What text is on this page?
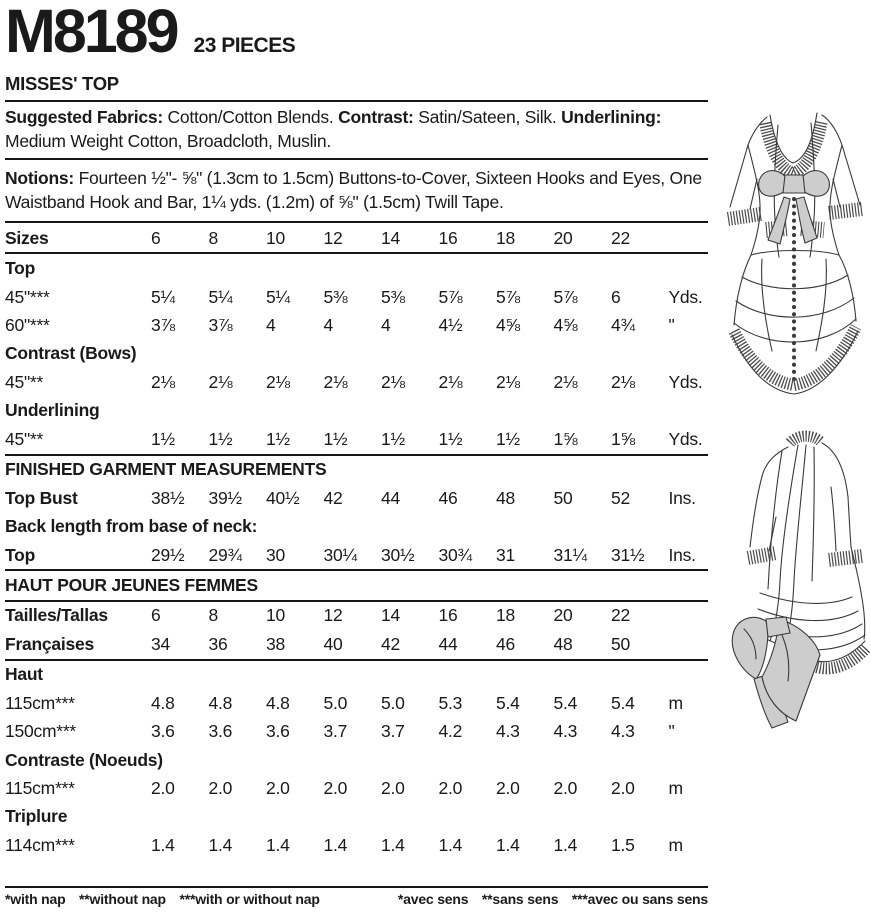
M8189 23 PIECES
MISSES' TOP

Suggested Fabrics: Cotton/Cotton Blends. Contrast: Satin/Sateen, Silk. Underlining: Medium Weight Cotton, Broadcloth, Muslin.

Notions: Fourteen ½"- ⅝" (1.3cm to 1.5cm) Buttons-to-Cover, Sixteen Hooks and Eyes, One Waistband Hook and Bar, 1¼ yds. (1.2m) of ⅝" (1.5cm) Twill Tape.

Sizes	6	8	10	12	14	16	18	20	22
Top
45"***	5¼	5¼	5¼	5⅜	5⅜	5⅞	5⅞	5⅞	6	Yds.
60"***	3⅞	3⅞	4	4	4	4½	4⅝	4⅝	4¾	"
Contrast (Bows)
45"**	2⅛	2⅛	2⅛	2⅛	2⅛	2⅛	2⅛	2⅛	2⅛	Yds.
Underlining
45"**	1½	1½	1½	1½	1½	1½	1½	1⅝	1⅝	Yds.
FINISHED GARMENT MEASUREMENTS
Top Bust	38½	39½	40½	42	44	46	48	50	52	Ins.
Back length from base of neck:
Top	29½	29¾	30	30¼	30½	30¾	31	31¼	31½	Ins.
HAUT POUR JEUNES FEMMES
Tailles/Tallas	6	8	10	12	14	16	18	20	22
Françaises	34	36	38	40	42	44	46	48	50
Haut
115cm***	4.8	4.8	4.8	5.0	5.0	5.3	5.4	5.4	5.4	m
150cm***	3.6	3.6	3.6	3.7	3.7	4.2	4.3	4.3	4.3	"
Contraste (Noeuds)
115cm***	2.0	2.0	2.0	2.0	2.0	2.0	2.0	2.0	2.0	m
Triplure
114cm***	1.4	1.4	1.4	1.4	1.4	1.4	1.4	1.4	1.5	m
*with nap  **without nap  ***with or without nap	*avec sens  **sans sens  ***avec ou sans sens
